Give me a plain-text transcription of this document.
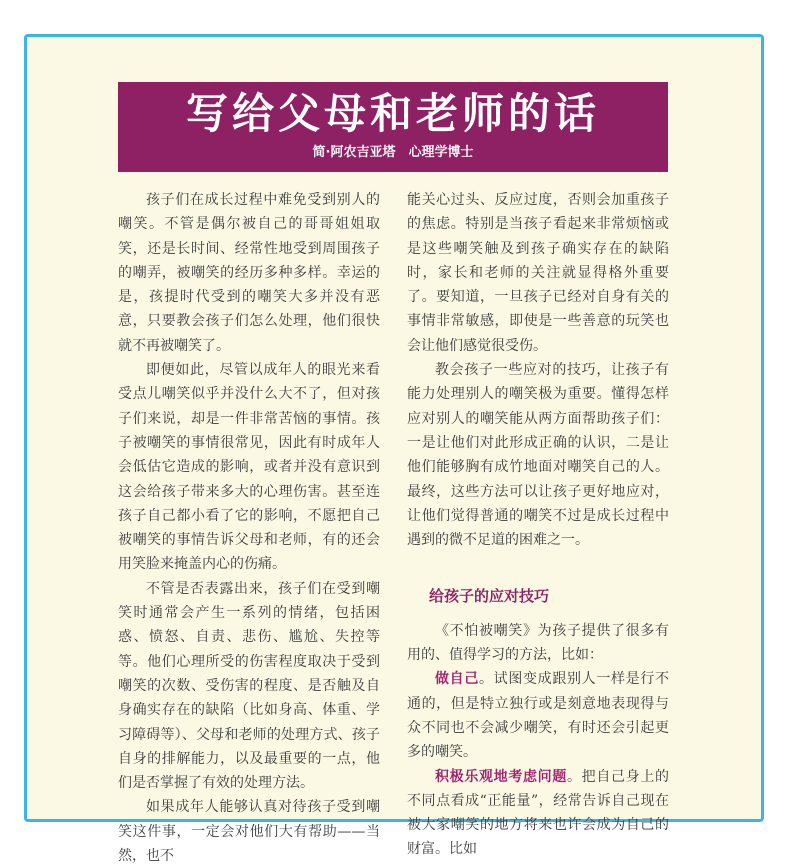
写给父母和老师的话
简·阿农吉亚塔　心理学博士

孩子们在成长过程中难免受到别人的嘲笑。不管是偶尔被自己的哥哥姐姐取笑，还是长时间、经常性地受到周围孩子的嘲弄，被嘲笑的经历多种多样。幸运的是，孩提时代受到的嘲笑大多并没有恶意，只要教会孩子们怎么处理，他们很快就不再被嘲笑了。

即便如此，尽管以成年人的眼光来看受点儿嘲笑似乎并没什么大不了，但对孩子们来说，却是一件非常苦恼的事情。孩子被嘲笑的事情很常见，因此有时成年人会低估它造成的影响，或者并没有意识到这会给孩子带来多大的心理伤害。甚至连孩子自己都小看了它的影响，不愿把自己被嘲笑的事情告诉父母和老师，有的还会用笑脸来掩盖内心的伤痛。

不管是否表露出来，孩子们在受到嘲笑时通常会产生一系列的情绪，包括困惑、愤怒、自责、悲伤、尴尬、失控等等。他们心理所受的伤害程度取决于受到嘲笑的次数、受伤害的程度、是否触及自身确实存在的缺陷（比如身高、体重、学习障碍等）、父母和老师的处理方式、孩子自身的排解能力，以及最重要的一点，他们是否掌握了有效的处理方法。

如果成年人能够认真对待孩子受到嘲笑这件事，一定会对他们大有帮助——当然，也不

能关心过头、反应过度，否则会加重孩子的焦虑。特别是当孩子看起来非常烦恼或是这些嘲笑触及到孩子确实存在的缺陷时，家长和老师的关注就显得格外重要了。要知道，一旦孩子已经对自身有关的事情非常敏感，即使是一些善意的玩笑也会让他们感觉很受伤。

教会孩子一些应对的技巧，让孩子有能力处理别人的嘲笑极为重要。懂得怎样应对别人的嘲笑能从两方面帮助孩子们：一是让他们对此形成正确的认识，二是让他们能够胸有成竹地面对嘲笑自己的人。最终，这些方法可以让孩子更好地应对，让他们觉得普通的嘲笑不过是成长过程中遇到的微不足道的困难之一。

给孩子的应对技巧

《不怕被嘲笑》为孩子提供了很多有用的、值得学习的方法，比如：

做自己。试图变成跟别人一样是行不通的，但是特立独行或是刻意地表现得与众不同也不会减少嘲笑，有时还会引起更多的嘲笑。

积极乐观地考虑问题。把自己身上的不同点看成“正能量”，经常告诉自己现在被大家嘲笑的地方将来也许会成为自己的财富。比如
